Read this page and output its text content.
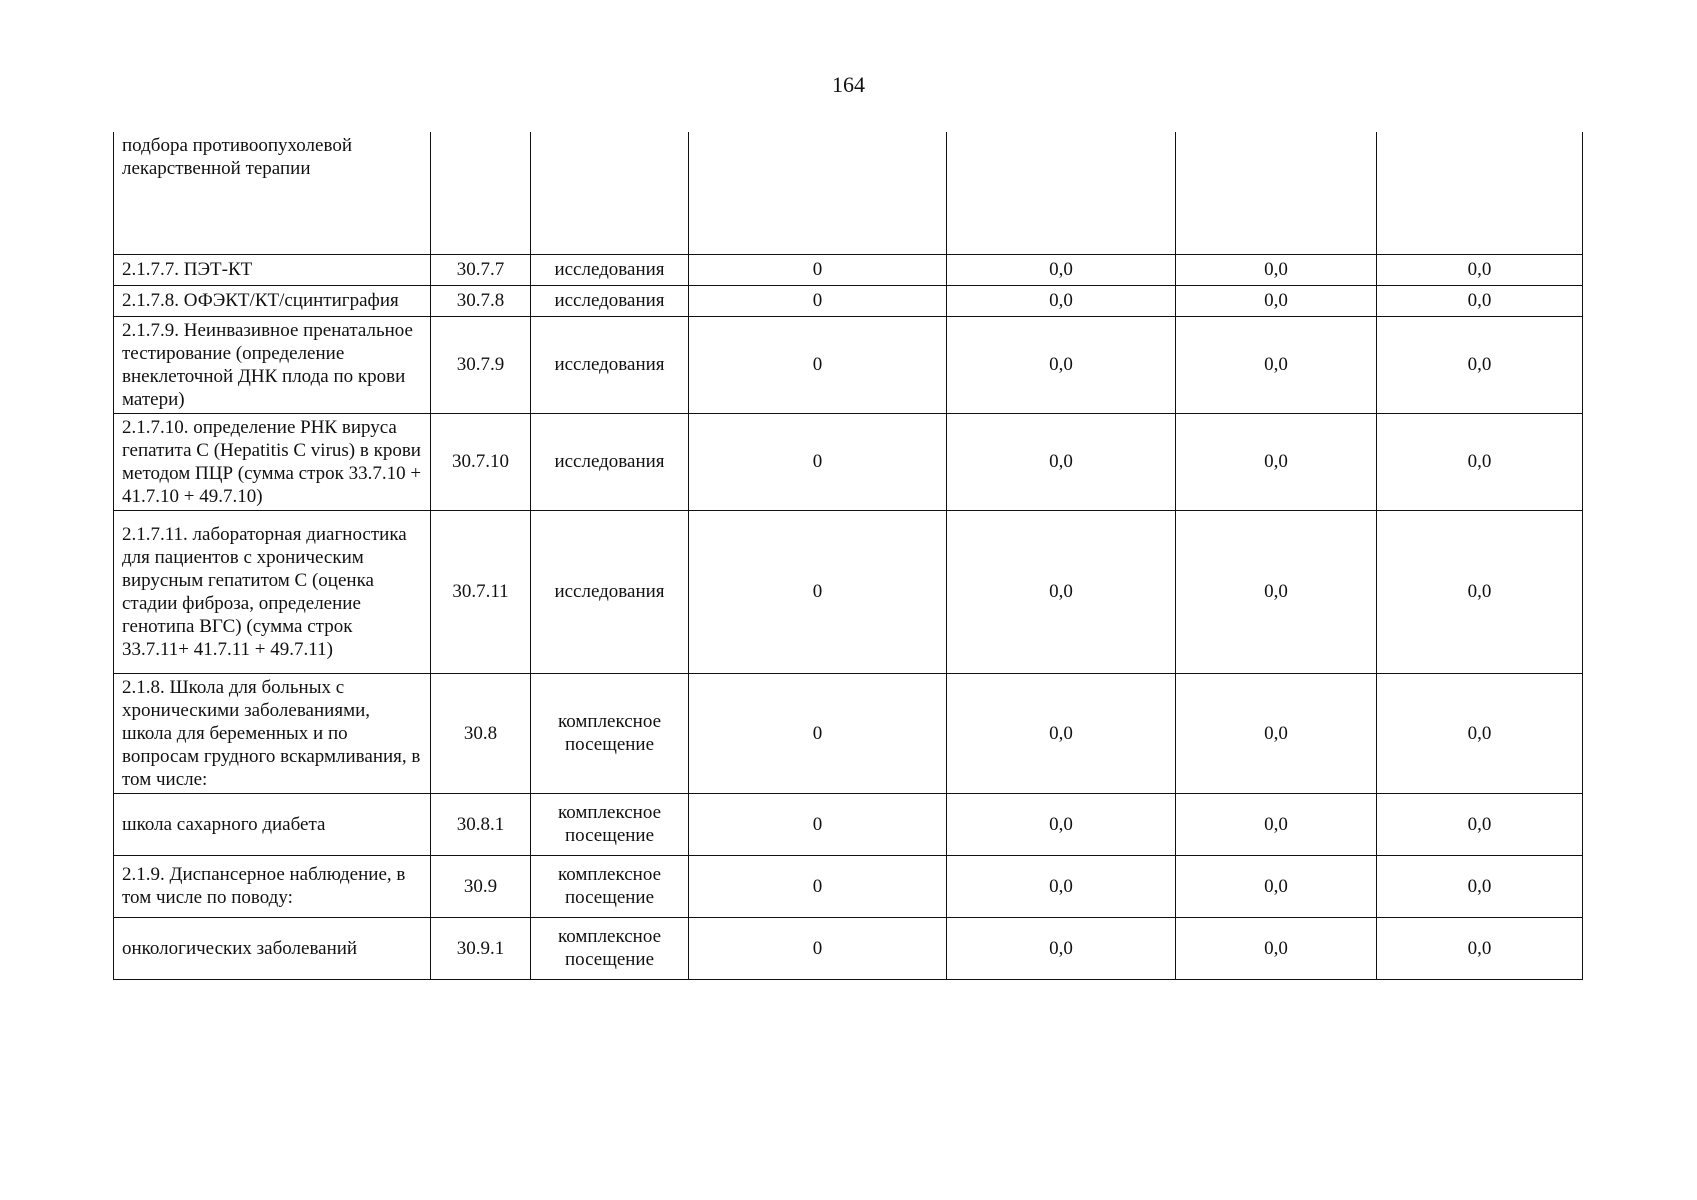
164
подбора противоопухолевой лекарственной терапии						
2.1.7.7. ПЭТ-КТ	30.7.7	исследования	0	0,0	0,0	0,0
2.1.7.8. ОФЭКТ/КТ/сцинтиграфия	30.7.8	исследования	0	0,0	0,0	0,0
2.1.7.9. Неинвазивное пренатальное тестирование (определение внеклеточной ДНК плода по крови матери)	30.7.9	исследования	0	0,0	0,0	0,0
2.1.7.10. определение РНК вируса гепатита С (Hepatitis C virus) в крови методом ПЦР (сумма строк 33.7.10 + 41.7.10 + 49.7.10)	30.7.10	исследования	0	0,0	0,0	0,0
2.1.7.11. лабораторная диагностика для пациентов с хроническим вирусным гепатитом С (оценка стадии фиброза, определение генотипа ВГС) (сумма строк 33.7.11+ 41.7.11 + 49.7.11)	30.7.11	исследования	0	0,0	0,0	0,0
2.1.8. Школа для больных с хроническими заболеваниями, школа для беременных и по вопросам грудного вскармливания, в том числе:	30.8	комплексное посещение	0	0,0	0,0	0,0
школа сахарного диабета	30.8.1	комплексное посещение	0	0,0	0,0	0,0
2.1.9. Диспансерное наблюдение, в том числе по поводу:	30.9	комплексное посещение	0	0,0	0,0	0,0
онкологических заболеваний	30.9.1	комплексное посещение	0	0,0	0,0	0,0
